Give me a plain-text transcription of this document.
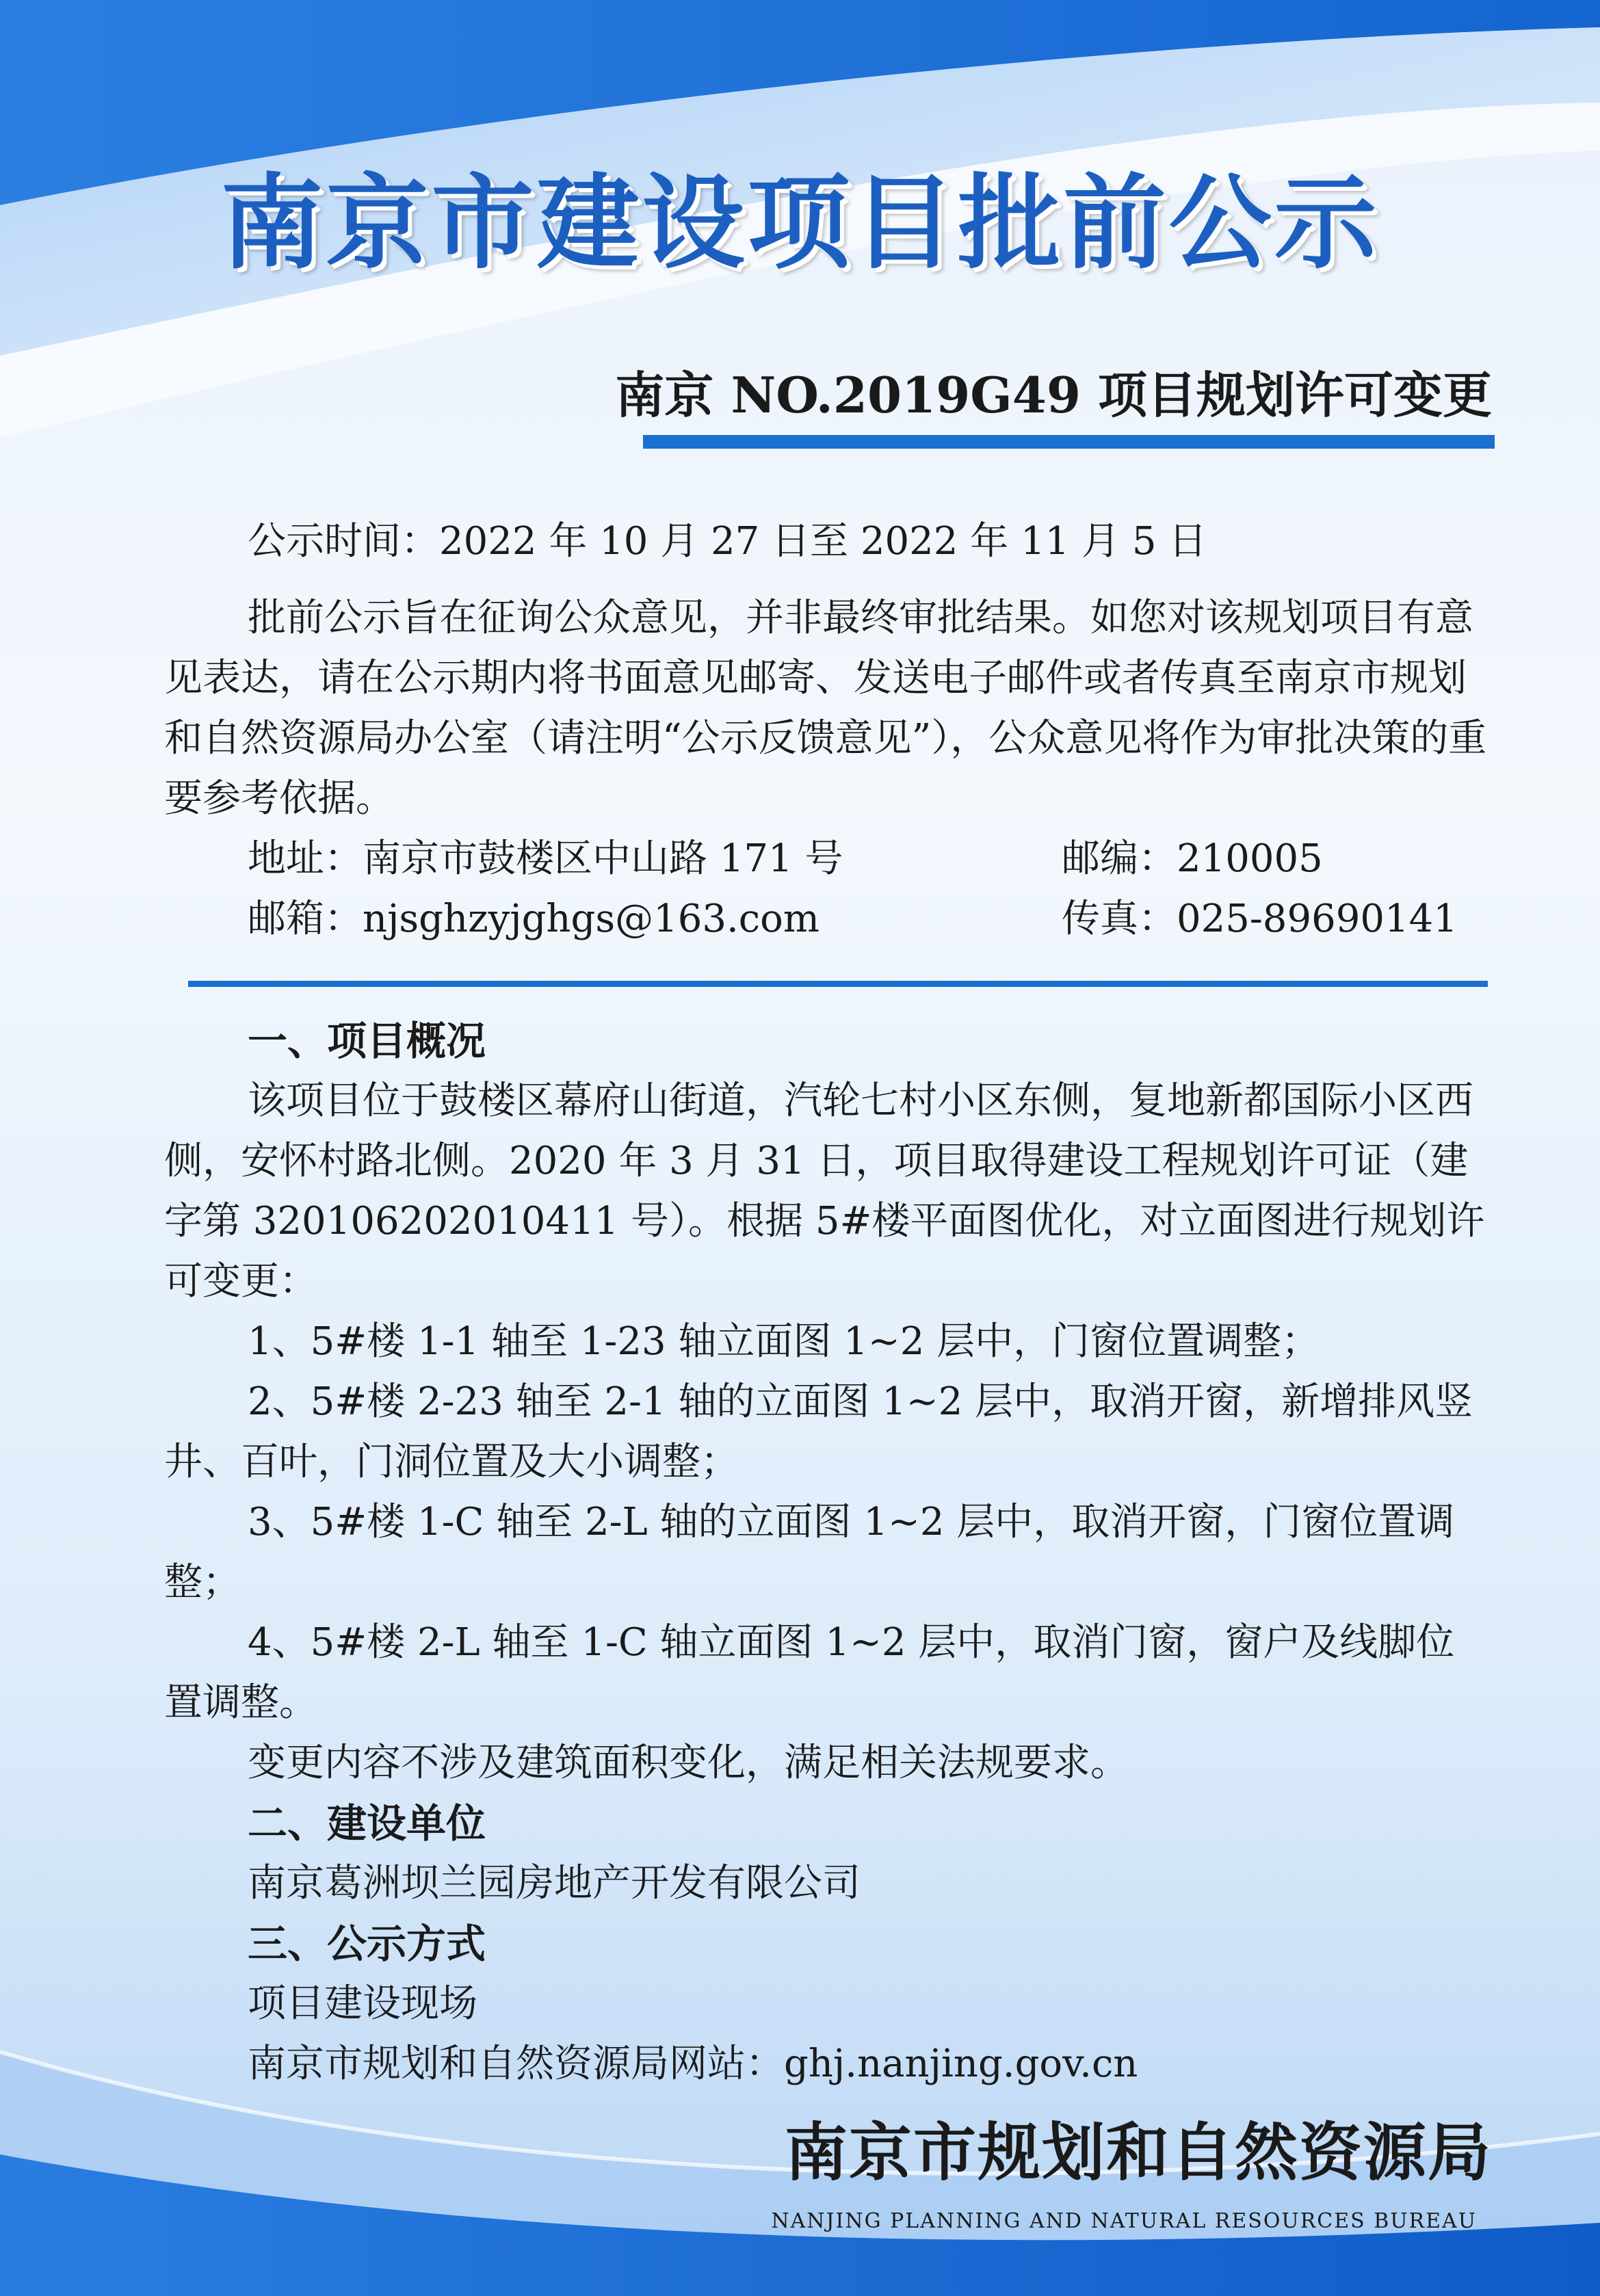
南京市建设项目批前公示
南京 NO.2019G49 项目规划许可变更
公示时间：2022 年 10 月 27 日至 2022 年 11 月 5 日
批前公示旨在征询公众意见，并非最终审批结果。如您对该规划项目有意见表达，请在公示期内将书面意见邮寄、发送电子邮件或者传真至南京市规划和自然资源局办公室（请注明“公示反馈意见”），公众意见将作为审批决策的重要参考依据。
地址：南京市鼓楼区中山路 171 号	邮编：210005
邮箱：njsghzyjghgs@163.com	传真：025-89690141
一、项目概况
该项目位于鼓楼区幕府山街道，汽轮七村小区东侧，复地新都国际小区西侧，安怀村路北侧。2020 年 3 月 31 日，项目取得建设工程规划许可证（建字第 320106202010411 号）。根据 5#楼平面图优化，对立面图进行规划许可变更：
1、5#楼 1-1 轴至 1-23 轴立面图 1~2 层中，门窗位置调整；
2、5#楼 2-23 轴至 2-1 轴的立面图 1~2 层中，取消开窗，新增排风竖井、百叶，门洞位置及大小调整；
3、5#楼 1-C 轴至 2-L 轴的立面图 1~2 层中，取消开窗，门窗位置调整；
4、5#楼 2-L 轴至 1-C 轴立面图 1~2 层中，取消门窗，窗户及线脚位置调整。
变更内容不涉及建筑面积变化，满足相关法规要求。
二、建设单位
南京葛洲坝兰园房地产开发有限公司
三、公示方式
项目建设现场
南京市规划和自然资源局网站：ghj.nanjing.gov.cn
南京市规划和自然资源局
NANJING PLANNING AND NATURAL RESOURCES BUREAU
